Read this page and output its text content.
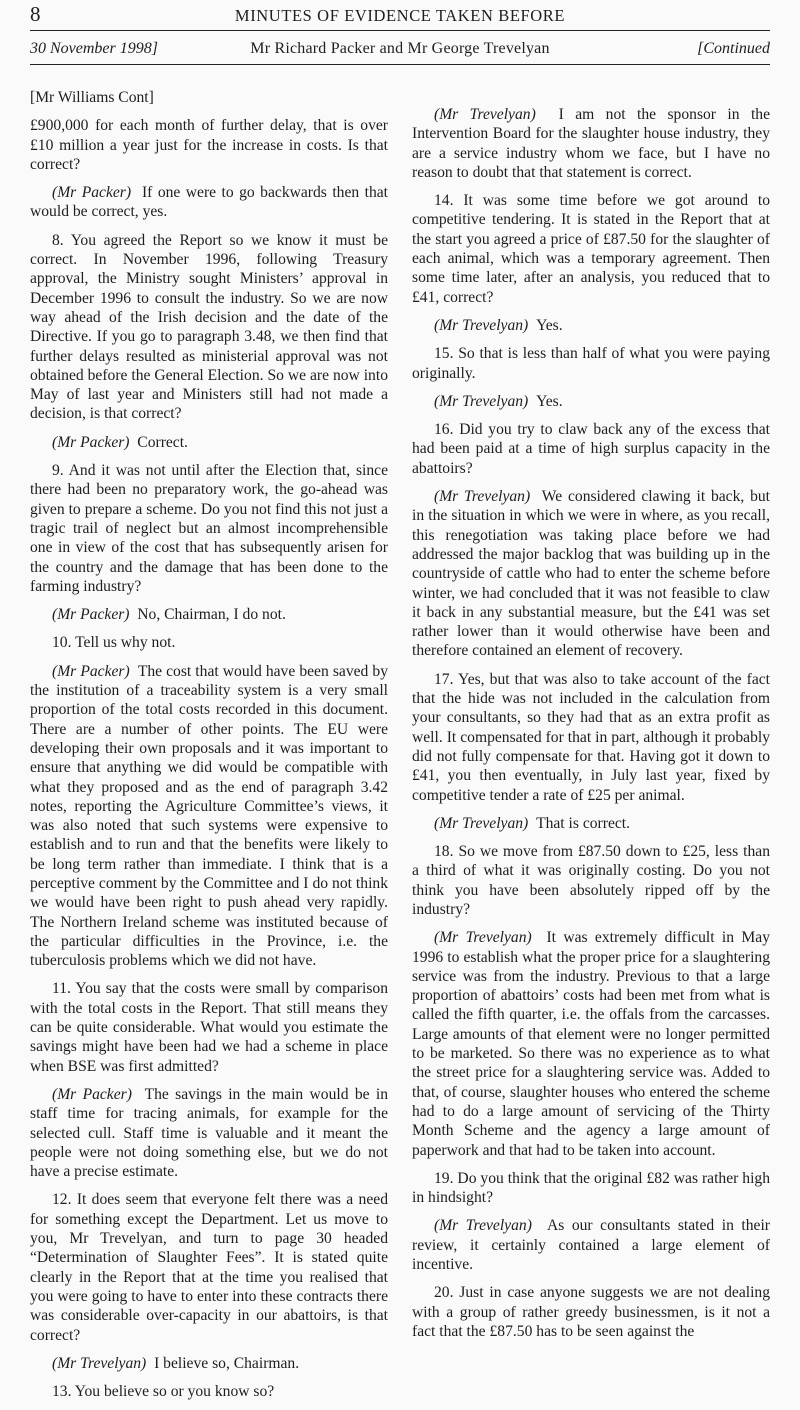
8	MINUTES OF EVIDENCE TAKEN BEFORE
30 November 1998]	Mr Richard Packer and Mr George Trevelyan	[Continued

[Mr Williams Cont]

£900,000 for each month of further delay, that is over £10 million a year just for the increase in costs. Is that correct?

(Mr Packer) If one were to go backwards then that would be correct, yes.

8. You agreed the Report so we know it must be correct. In November 1996, following Treasury approval, the Ministry sought Ministers’ approval in December 1996 to consult the industry. So we are now way ahead of the Irish decision and the date of the Directive. If you go to paragraph 3.48, we then find that further delays resulted as ministerial approval was not obtained before the General Election. So we are now into May of last year and Ministers still had not made a decision, is that correct?

(Mr Packer) Correct.

9. And it was not until after the Election that, since there had been no preparatory work, the go-ahead was given to prepare a scheme. Do you not find this not just a tragic trail of neglect but an almost incomprehensible one in view of the cost that has subsequently arisen for the country and the damage that has been done to the farming industry?

(Mr Packer) No, Chairman, I do not.

10. Tell us why not.

(Mr Packer) The cost that would have been saved by the institution of a traceability system is a very small proportion of the total costs recorded in this document. There are a number of other points. The EU were developing their own proposals and it was important to ensure that anything we did would be compatible with what they proposed and as the end of paragraph 3.42 notes, reporting the Agriculture Committee’s views, it was also noted that such systems were expensive to establish and to run and that the benefits were likely to be long term rather than immediate. I think that is a perceptive comment by the Committee and I do not think we would have been right to push ahead very rapidly. The Northern Ireland scheme was instituted because of the particular difficulties in the Province, i.e. the tuberculosis problems which we did not have.

11. You say that the costs were small by comparison with the total costs in the Report. That still means they can be quite considerable. What would you estimate the savings might have been had we had a scheme in place when BSE was first admitted?

(Mr Packer) The savings in the main would be in staff time for tracing animals, for example for the selected cull. Staff time is valuable and it meant the people were not doing something else, but we do not have a precise estimate.

12. It does seem that everyone felt there was a need for something except the Department. Let us move to you, Mr Trevelyan, and turn to page 30 headed “Determination of Slaughter Fees”. It is stated quite clearly in the Report that at the time you realised that you were going to have to enter into these contracts there was considerable over-capacity in our abattoirs, is that correct?

(Mr Trevelyan) I believe so, Chairman.

13. You believe so or you know so?

(Mr Trevelyan) I am not the sponsor in the Intervention Board for the slaughter house industry, they are a service industry whom we face, but I have no reason to doubt that that statement is correct.

14. It was some time before we got around to competitive tendering. It is stated in the Report that at the start you agreed a price of £87.50 for the slaughter of each animal, which was a temporary agreement. Then some time later, after an analysis, you reduced that to £41, correct?

(Mr Trevelyan) Yes.

15. So that is less than half of what you were paying originally.

(Mr Trevelyan) Yes.

16. Did you try to claw back any of the excess that had been paid at a time of high surplus capacity in the abattoirs?

(Mr Trevelyan) We considered clawing it back, but in the situation in which we were in where, as you recall, this renegotiation was taking place before we had addressed the major backlog that was building up in the countryside of cattle who had to enter the scheme before winter, we had concluded that it was not feasible to claw it back in any substantial measure, but the £41 was set rather lower than it would otherwise have been and therefore contained an element of recovery.

17. Yes, but that was also to take account of the fact that the hide was not included in the calculation from your consultants, so they had that as an extra profit as well. It compensated for that in part, although it probably did not fully compensate for that. Having got it down to £41, you then eventually, in July last year, fixed by competitive tender a rate of £25 per animal.

(Mr Trevelyan) That is correct.

18. So we move from £87.50 down to £25, less than a third of what it was originally costing. Do you not think you have been absolutely ripped off by the industry?

(Mr Trevelyan) It was extremely difficult in May 1996 to establish what the proper price for a slaughtering service was from the industry. Previous to that a large proportion of abattoirs’ costs had been met from what is called the fifth quarter, i.e. the offals from the carcasses. Large amounts of that element were no longer permitted to be marketed. So there was no experience as to what the street price for a slaughtering service was. Added to that, of course, slaughter houses who entered the scheme had to do a large amount of servicing of the Thirty Month Scheme and the agency a large amount of paperwork and that had to be taken into account.

19. Do you think that the original £82 was rather high in hindsight?

(Mr Trevelyan) As our consultants stated in their review, it certainly contained a large element of incentive.

20. Just in case anyone suggests we are not dealing with a group of rather greedy businessmen, is it not a fact that the £87.50 has to be seen against the
